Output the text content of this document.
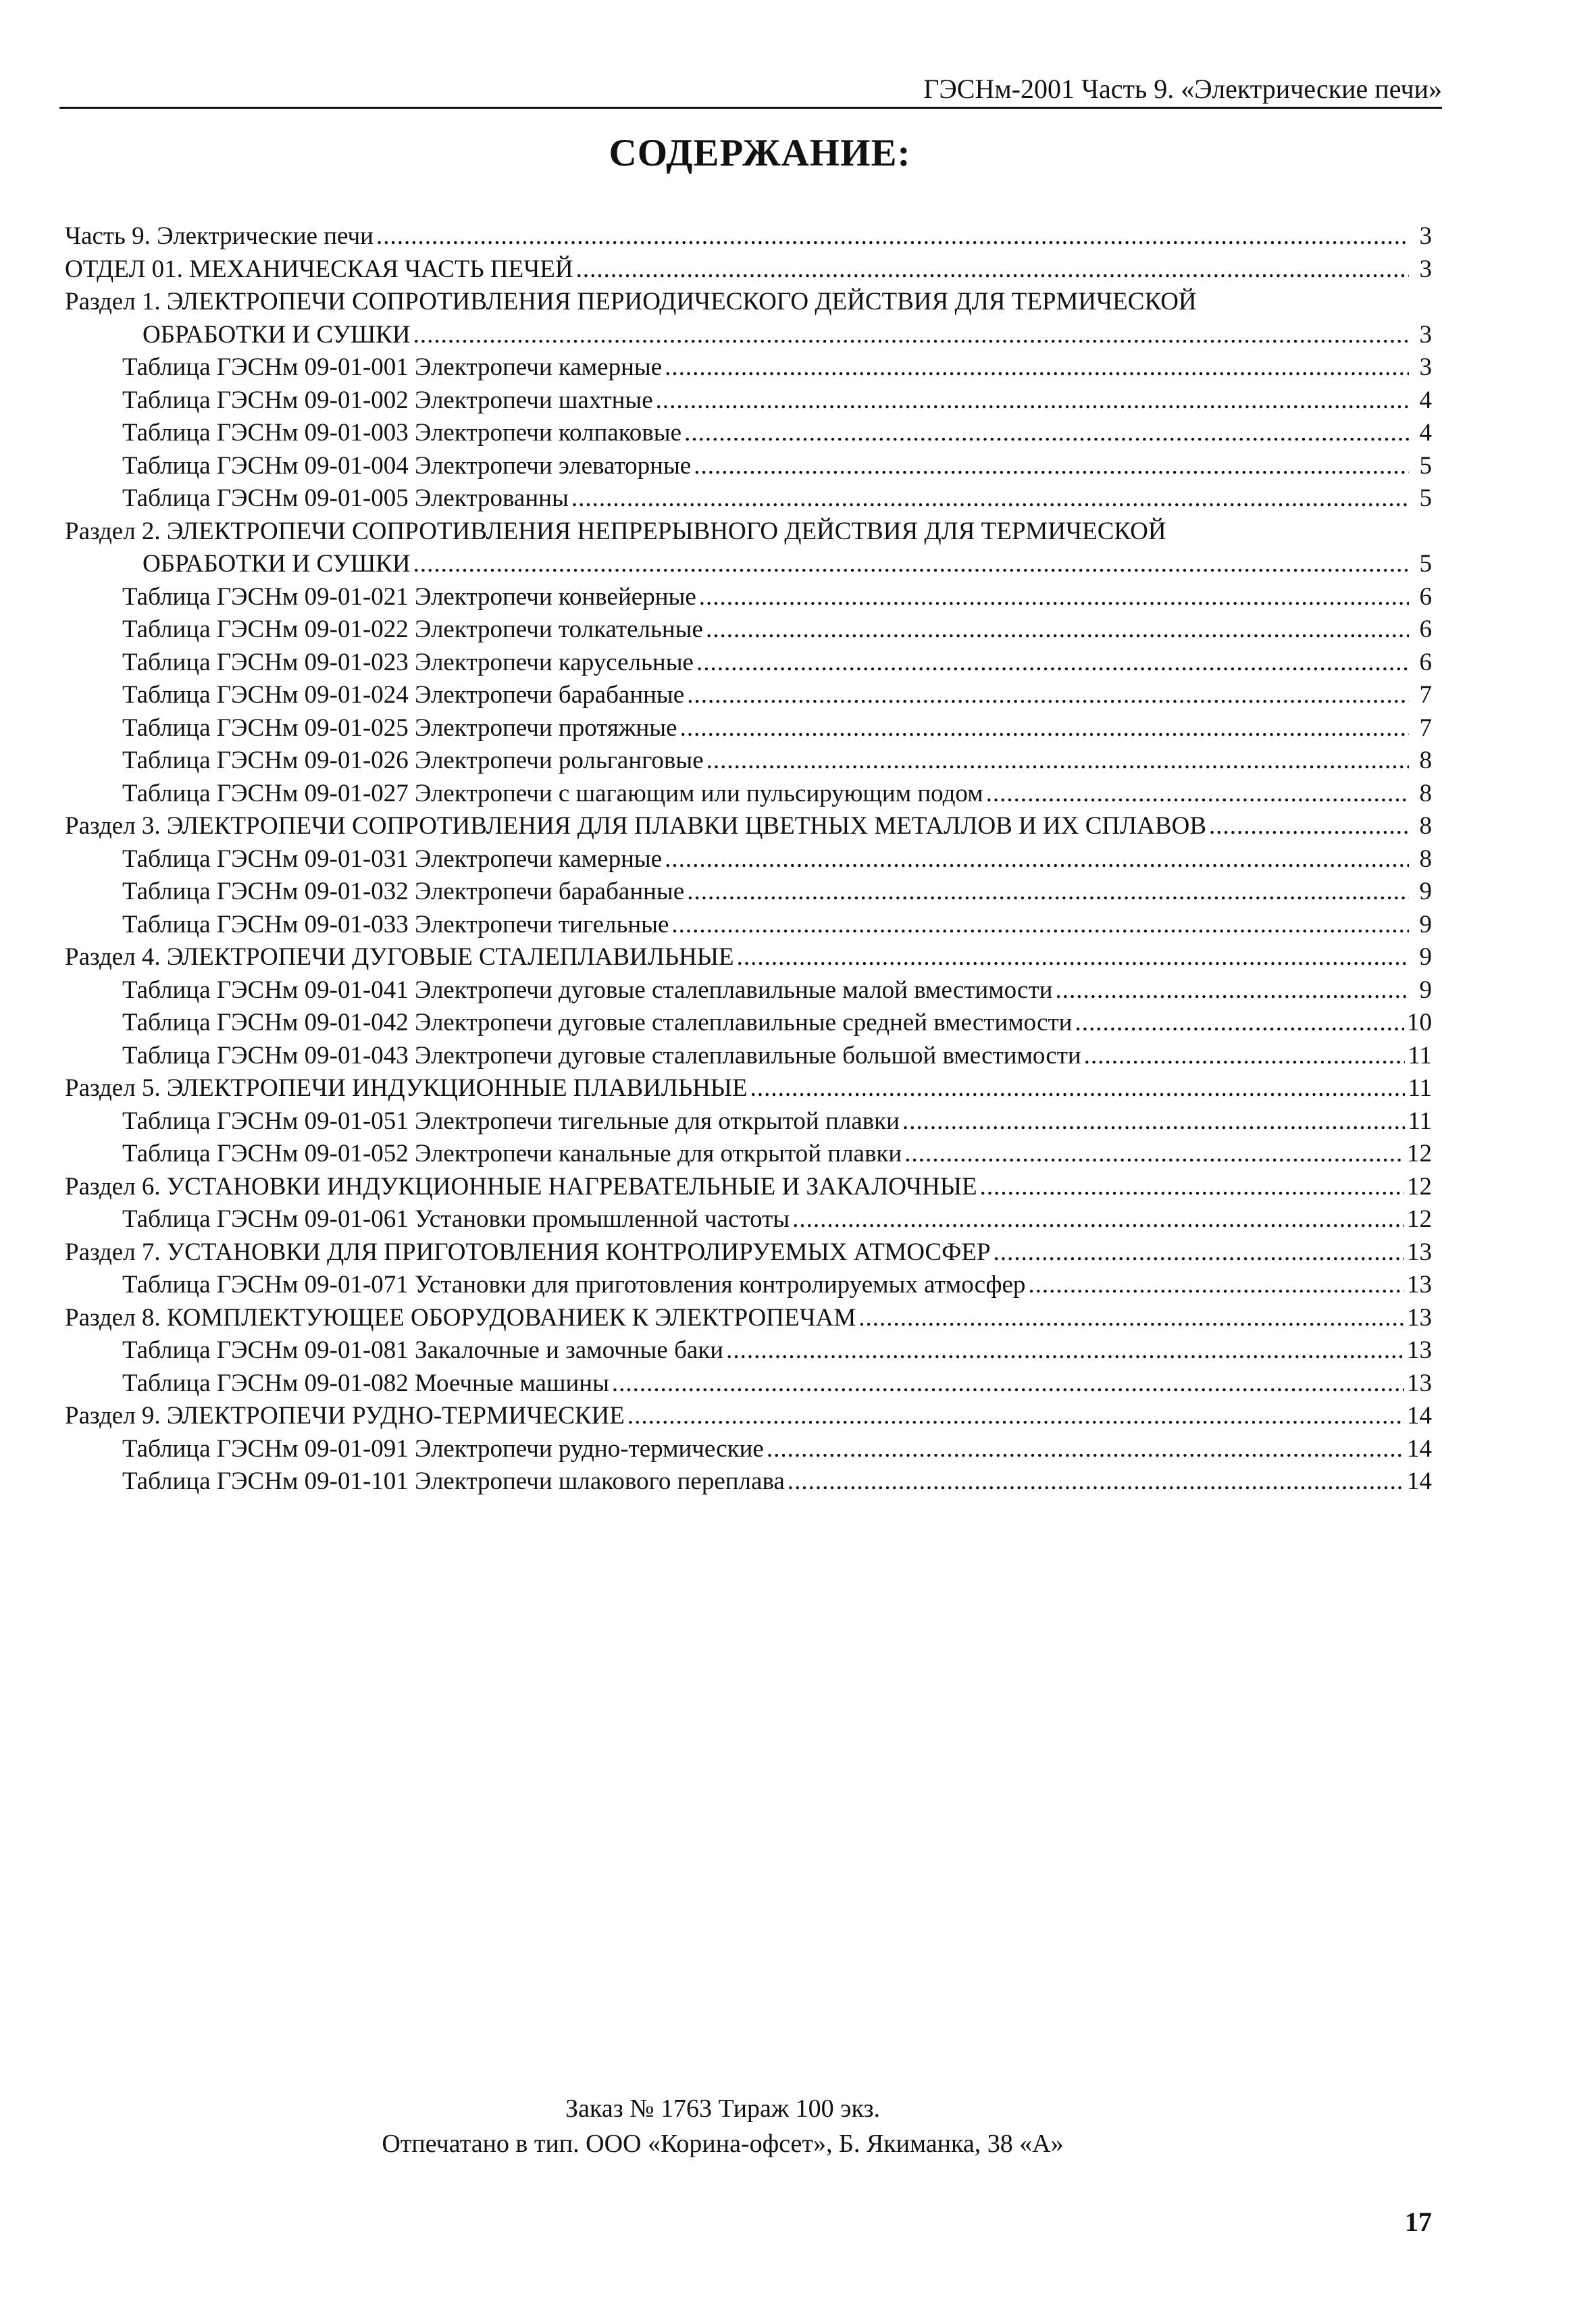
ГЭСНм-2001 Часть 9. «Электрические печи»
СОДЕРЖАНИЕ:
Часть 9. Электрические печи .....	3
ОТДЕЛ 01. МЕХАНИЧЕСКАЯ ЧАСТЬ ПЕЧЕЙ .....	3
Раздел 1. ЭЛЕКТРОПЕЧИ СОПРОТИВЛЕНИЯ ПЕРИОДИЧЕСКОГО ДЕЙСТВИЯ ДЛЯ ТЕРМИЧЕСКОЙ
ОБРАБОТКИ И СУШКИ .....	3
Таблица ГЭСНм 09-01-001 Электропечи камерные .....	3
Таблица ГЭСНм 09-01-002 Электропечи шахтные .....	4
Таблица ГЭСНм 09-01-003 Электропечи колпаковые .....	4
Таблица ГЭСНм 09-01-004 Электропечи элеваторные .....	5
Таблица ГЭСНм 09-01-005 Электрованны .....	5
Раздел 2. ЭЛЕКТРОПЕЧИ СОПРОТИВЛЕНИЯ НЕПРЕРЫВНОГО ДЕЙСТВИЯ ДЛЯ ТЕРМИЧЕСКОЙ
ОБРАБОТКИ И СУШКИ .....	5
Таблица ГЭСНм 09-01-021 Электропечи конвейерные .....	6
Таблица ГЭСНм 09-01-022 Электропечи толкательные .....	6
Таблица ГЭСНм 09-01-023 Электропечи карусельные .....	6
Таблица ГЭСНм 09-01-024 Электропечи барабанные .....	7
Таблица ГЭСНм 09-01-025 Электропечи протяжные .....	7
Таблица ГЭСНм 09-01-026 Электропечи рольганговые .....	8
Таблица ГЭСНм 09-01-027 Электропечи с шагающим или пульсирующим подом .....	8
Раздел 3. ЭЛЕКТРОПЕЧИ СОПРОТИВЛЕНИЯ ДЛЯ ПЛАВКИ ЦВЕТНЫХ МЕТАЛЛОВ И ИХ СПЛАВОВ .....	8
Таблица ГЭСНм 09-01-031 Электропечи камерные .....	8
Таблица ГЭСНм 09-01-032 Электропечи барабанные .....	9
Таблица ГЭСНм 09-01-033 Электропечи тигельные .....	9
Раздел 4. ЭЛЕКТРОПЕЧИ ДУГОВЫЕ СТАЛЕПЛАВИЛЬНЫЕ .....	9
Таблица ГЭСНм 09-01-041 Электропечи дуговые сталеплавильные малой вместимости .....	9
Таблица ГЭСНм 09-01-042 Электропечи дуговые сталеплавильные средней вместимости .....	10
Таблица ГЭСНм 09-01-043 Электропечи дуговые сталеплавильные большой вместимости .....	11
Раздел 5. ЭЛЕКТРОПЕЧИ ИНДУКЦИОННЫЕ ПЛАВИЛЬНЫЕ .....	11
Таблица ГЭСНм 09-01-051 Электропечи тигельные для открытой плавки .....	11
Таблица ГЭСНм 09-01-052 Электропечи канальные для открытой плавки .....	12
Раздел 6. УСТАНОВКИ ИНДУКЦИОННЫЕ НАГРЕВАТЕЛЬНЫЕ И ЗАКАЛОЧНЫЕ .....	12
Таблица ГЭСНм 09-01-061 Установки промышленной частоты .....	12
Раздел 7. УСТАНОВКИ ДЛЯ ПРИГОТОВЛЕНИЯ КОНТРОЛИРУЕМЫХ АТМОСФЕР .....	13
Таблица ГЭСНм 09-01-071 Установки для приготовления контролируемых атмосфер .....	13
Раздел 8. КОМПЛЕКТУЮЩЕЕ ОБОРУДОВАНИЕК К ЭЛЕКТРОПЕЧАМ .....	13
Таблица ГЭСНм 09-01-081 Закалочные и замочные баки .....	13
Таблица ГЭСНм 09-01-082 Моечные машины .....	13
Раздел 9. ЭЛЕКТРОПЕЧИ РУДНО-ТЕРМИЧЕСКИЕ .....	14
Таблица ГЭСНм 09-01-091 Электропечи рудно-термические .....	14
Таблица ГЭСНм 09-01-101 Электропечи шлакового переплава .....	14
Заказ № 1763 Тираж 100 экз.
Отпечатано в тип. ООО «Корина-офсет», Б. Якиманка, 38 «А»
17
